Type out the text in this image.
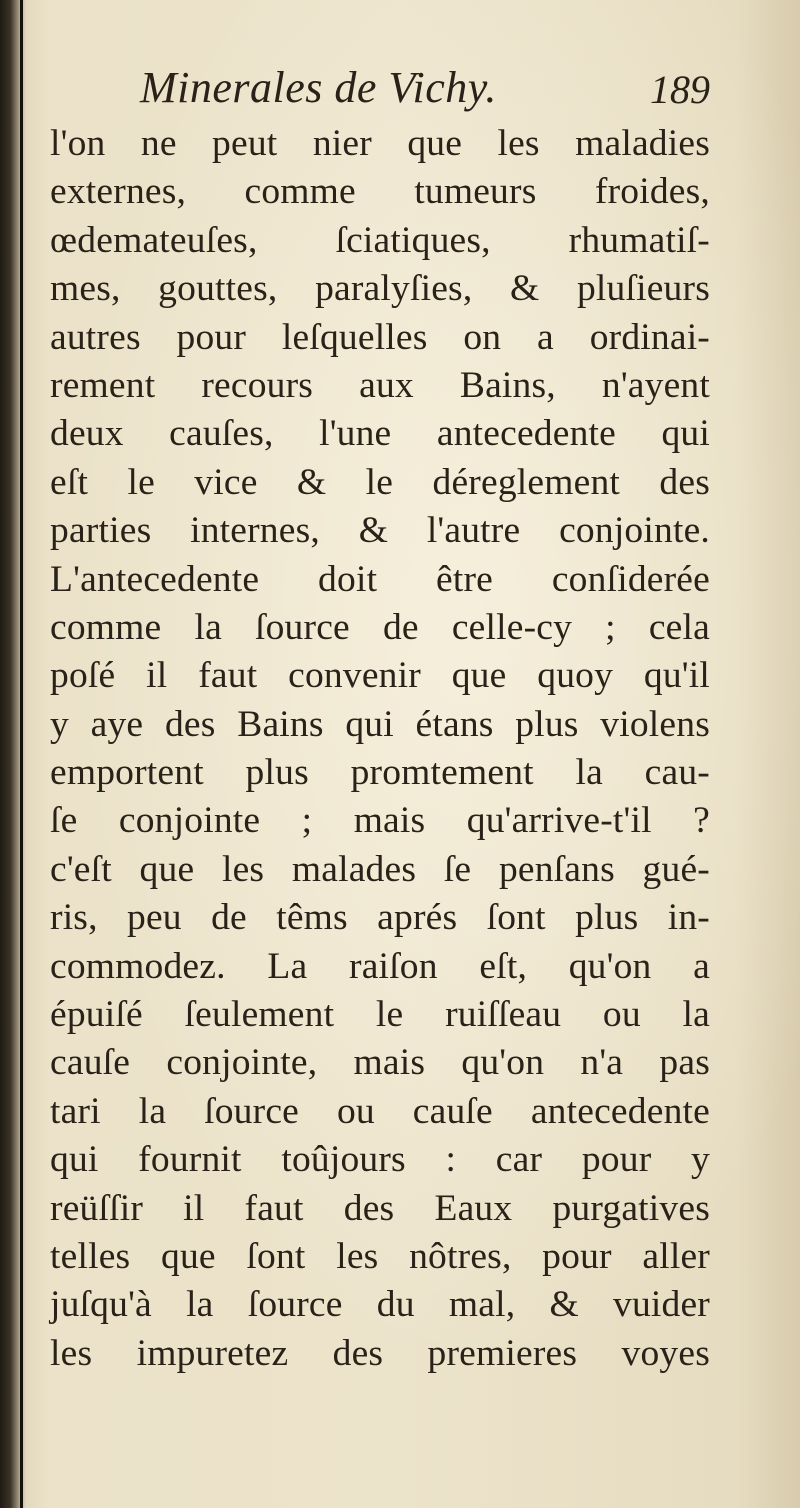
Minerales de Vichy.	189
l'on ne peut nier que les maladies
externes, comme tumeurs froides,
œdemateuſes, ſciatiques, rhumatiſ-
mes, gouttes, paralyſies, & pluſieurs
autres pour leſquelles on a ordinai-
rement recours aux Bains, n'ayent
deux cauſes, l'une antecedente qui
eſt le vice & le déreglement des
parties internes, & l'autre conjointe.
L'antecedente doit être conſiderée
comme la ſource de celle-cy ; cela
poſé il faut convenir que quoy qu'il
y aye des Bains qui étans plus violens
emportent plus promtement la cau-
ſe conjointe ; mais qu'arrive-t'il ?
c'eſt que les malades ſe penſans gué-
ris, peu de têms aprés ſont plus in-
commodez. La raiſon eſt, qu'on a
épuiſé ſeulement le ruiſſeau ou la
cauſe conjointe, mais qu'on n'a pas
tari la ſource ou cauſe antecedente
qui fournit toûjours : car pour y
reüſſir il faut des Eaux purgatives
telles que ſont les nôtres, pour aller
juſqu'à la ſource du mal, & vuider
les impuretez des premieres voyes
